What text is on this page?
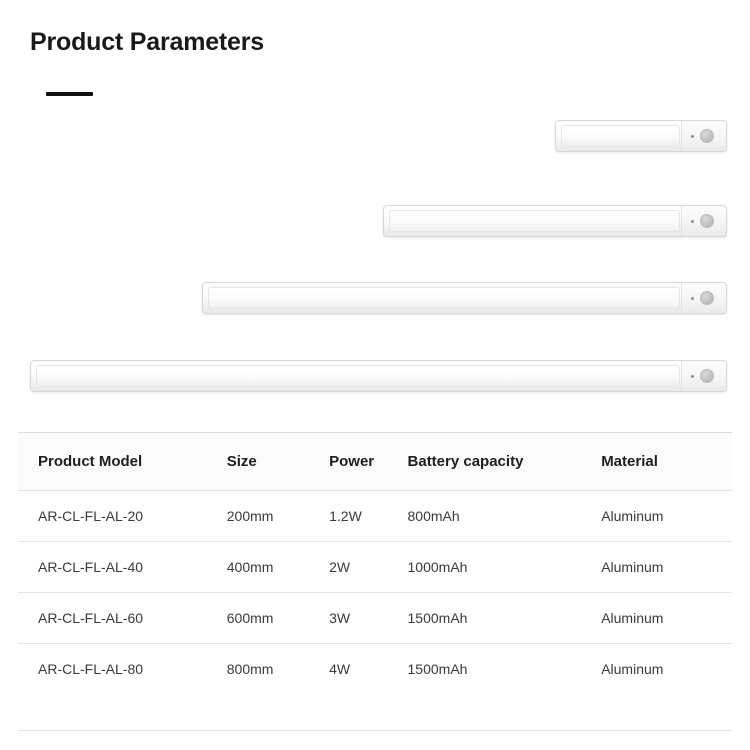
Product Parameters
Product Model	Size	Power	Battery capacity	Material
AR-CL-FL-AL-20	200mm	1.2W	800mAh	Aluminum
AR-CL-FL-AL-40	400mm	2W	1000mAh	Aluminum
AR-CL-FL-AL-60	600mm	3W	1500mAh	Aluminum
AR-CL-FL-AL-80	800mm	4W	1500mAh	Aluminum
